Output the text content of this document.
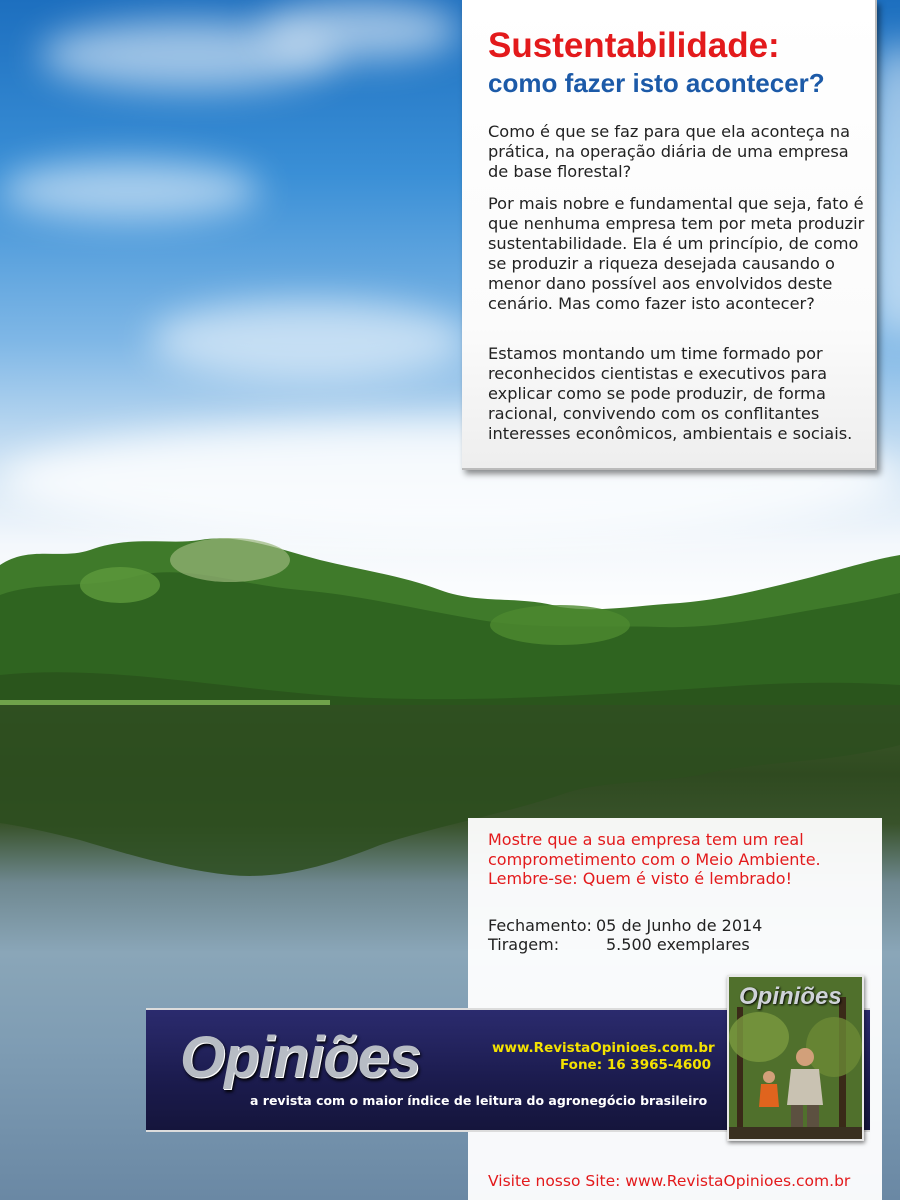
Sustentabilidade:
como fazer isto acontecer?

Como é que se faz para que ela aconteça na prática, na operação diária de uma empresa de base florestal?

Por mais nobre e fundamental que seja, fato é que nenhuma empresa tem por meta produzir sustentabilidade. Ela é um princípio, de como se produzir a riqueza desejada causando o menor dano possível aos envolvidos deste cenário. Mas como fazer isto acontecer?

Estamos montando um time formado por reconhecidos cientistas e executivos para explicar como se pode produzir, de forma racional, convivendo com os conflitantes interesses econômicos, ambientais e sociais.

Mostre que a sua empresa tem um real comprometimento com o Meio Ambiente. Lembre-se: Quem é visto é lembrado!

Fechamento: 05 de Junho de 2014
Tiragem:	5.500 exemplares
Opiniões	www.RevistaOpinioes.com.br
Fone: 16 3965-4600
a revista com o maior índice de leitura do agronegócio brasileiro
Opiniões
Visite nosso Site: www.RevistaOpinioes.com.br
